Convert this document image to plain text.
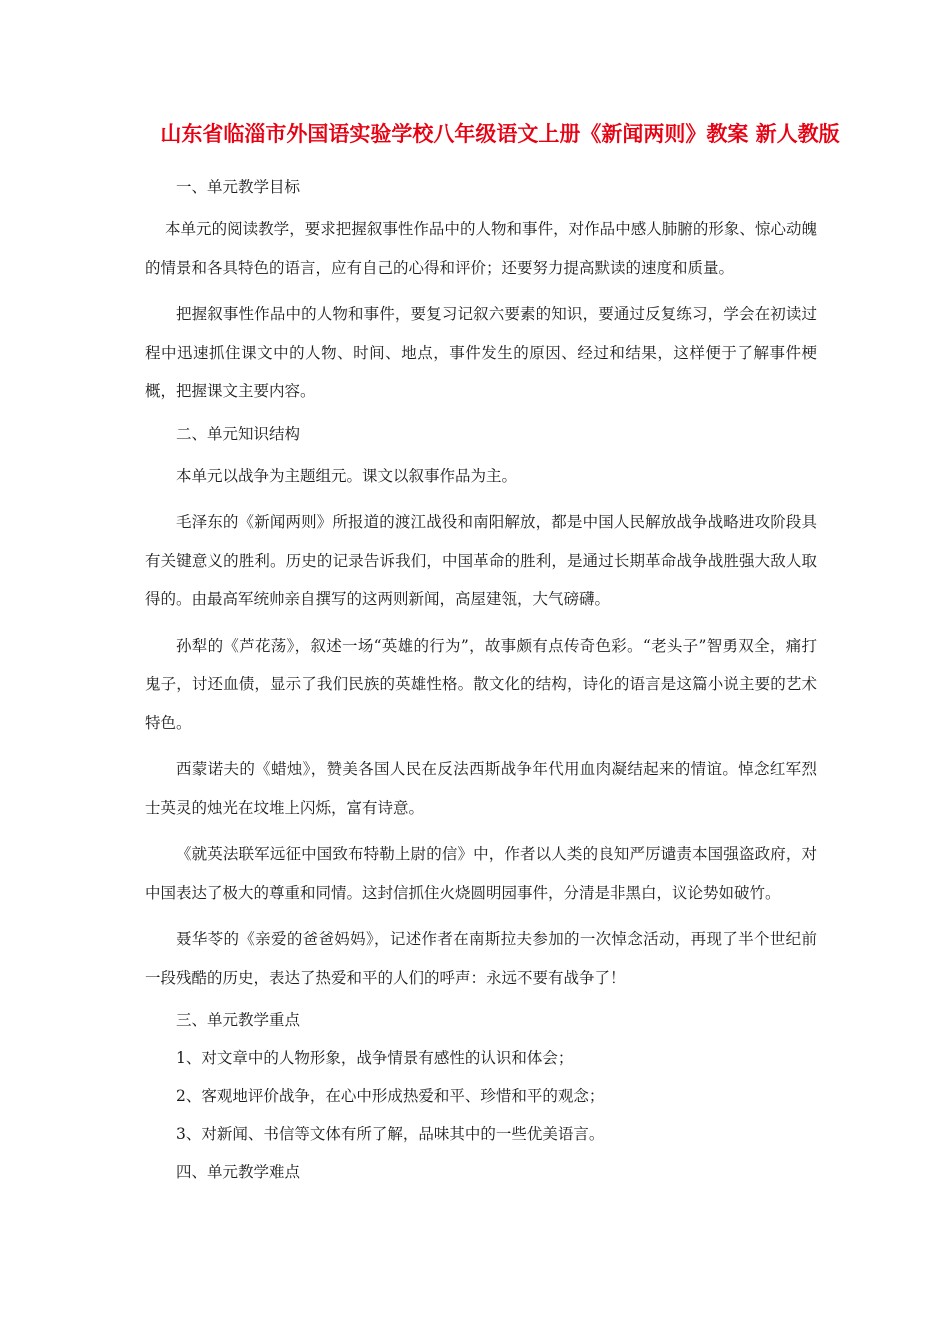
山东省临淄市外国语实验学校八年级语文上册《新闻两则》教案 新人教版

一、单元教学目标

本单元的阅读教学，要求把握叙事性作品中的人物和事件，对作品中感人肺腑的形象、惊心动魄的情景和各具特色的语言，应有自己的心得和评价；还要努力提高默读的速度和质量。

把握叙事性作品中的人物和事件，要复习记叙六要素的知识，要通过反复练习，学会在初读过程中迅速抓住课文中的人物、时间、地点，事件发生的原因、经过和结果，这样便于了解事件梗概，把握课文主要内容。

二、单元知识结构

本单元以战争为主题组元。课文以叙事作品为主。

毛泽东的《新闻两则》所报道的渡江战役和南阳解放，都是中国人民解放战争战略进攻阶段具有关键意义的胜利。历史的记录告诉我们，中国革命的胜利，是通过长期革命战争战胜强大敌人取得的。由最高军统帅亲自撰写的这两则新闻，高屋建瓴，大气磅礴。

孙犁的《芦花荡》，叙述一场“英雄的行为”，故事颇有点传奇色彩。“老头子”智勇双全，痛打鬼子，讨还血债，显示了我们民族的英雄性格。散文化的结构，诗化的语言是这篇小说主要的艺术特色。

西蒙诺夫的《蜡烛》，赞美各国人民在反法西斯战争年代用血肉凝结起来的情谊。悼念红军烈士英灵的烛光在坟堆上闪烁，富有诗意。

《就英法联军远征中国致布特勒上尉的信》中，作者以人类的良知严厉谴责本国强盗政府，对中国表达了极大的尊重和同情。这封信抓住火烧圆明园事件，分清是非黑白，议论势如破竹。

聂华苓的《亲爱的爸爸妈妈》，记述作者在南斯拉夫参加的一次悼念活动，再现了半个世纪前一段残酷的历史，表达了热爱和平的人们的呼声：永远不要有战争了！

三、单元教学重点

1、对文章中的人物形象，战争情景有感性的认识和体会；

2、客观地评价战争，在心中形成热爱和平、珍惜和平的观念；

3、对新闻、书信等文体有所了解，品味其中的一些优美语言。

四、单元教学难点
